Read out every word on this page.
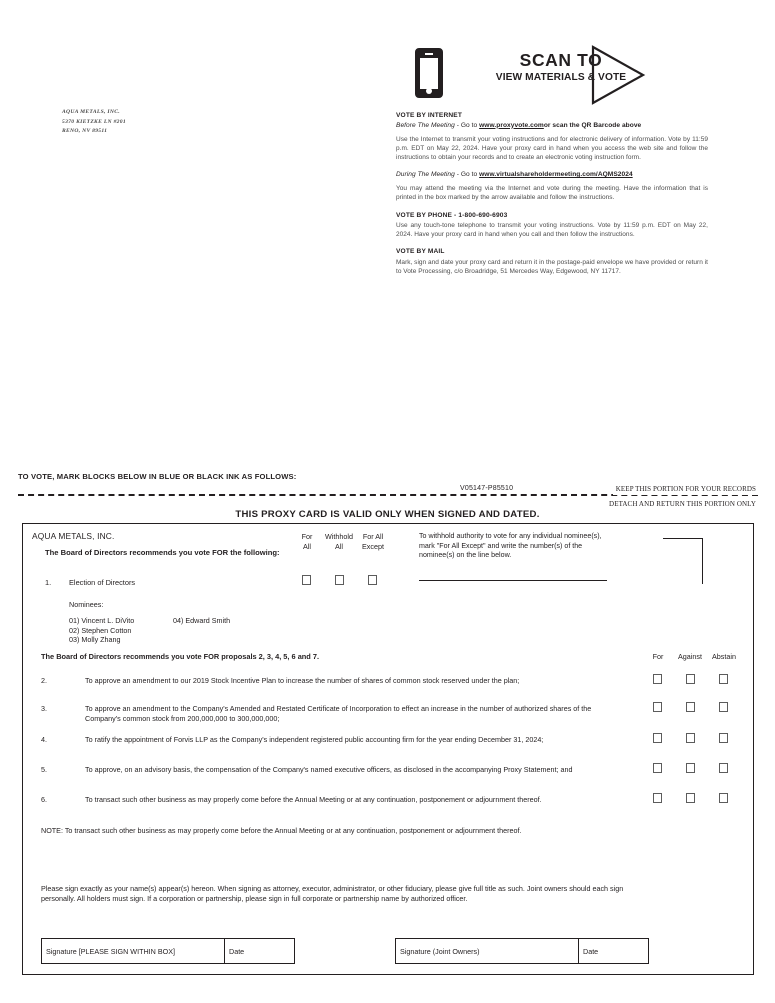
AQUA METALS, INC.
5370 KIETZKE LN #201
RENO, NV 89511
SCAN TO
VIEW MATERIALS & VOTE
VOTE BY INTERNET
Before The Meeting - Go to www.proxyvote.comor scan the QR Barcode above
Use the Internet to transmit your voting instructions and for electronic delivery of information. Vote by 11:59 p.m. EDT on May 22, 2024. Have your proxy card in hand when you access the web site and follow the instructions to obtain your records and to create an electronic voting instruction form.
During The Meeting - Go to www.virtualshareholdermeeting.com/AQMS2024
You may attend the meeting via the Internet and vote during the meeting. Have the information that is printed in the box marked by the arrow available and follow the instructions.
VOTE BY PHONE - 1-800-690-6903
Use any touch-tone telephone to transmit your voting instructions. Vote by 11:59 p.m. EDT on May 22, 2024. Have your proxy card in hand when you call and then follow the instructions.
VOTE BY MAIL
Mark, sign and date your proxy card and return it in the postage-paid envelope we have provided or return it to Vote Processing, c/o Broadridge, 51 Mercedes Way, Edgewood, NY 11717.
TO VOTE, MARK BLOCKS BELOW IN BLUE OR BLACK INK AS FOLLOWS:
V05147-P85510	KEEP THIS PORTION FOR YOUR RECORDS
DETACH AND RETURN THIS PORTION ONLY
THIS PROXY CARD IS VALID ONLY WHEN SIGNED AND DATED.
AQUA METALS, INC.
The Board of Directors recommends you vote FOR the following:
For
All
Withhold
All
For All
Except
1. Election of Directors
To withhold authority to vote for any individual nominee(s), mark "For All Except" and write the number(s) of the nominee(s) on the line below.
Nominees:
01) Vincent L. DiVito
02) Stephen Cotton
03) Molly Zhang
04) Edward Smith
The Board of Directors recommends you vote FOR proposals 2, 3, 4, 5, 6 and 7.	For	Against	Abstain
2.	To approve an amendment to our 2019 Stock Incentive Plan to increase the number of shares of common stock reserved under the plan;
3.	To approve an amendment to the Company's Amended and Restated Certificate of Incorporation to effect an increase in the number of authorized shares of the Company's common stock from 200,000,000 to 300,000,000;
4.	To ratify the appointment of Forvis LLP as the Company's independent registered public accounting firm for the year ending December 31, 2024;
5.	To approve, on an advisory basis, the compensation of the Company's named executive officers, as disclosed in the accompanying Proxy Statement; and
6.	To transact such other business as may properly come before the Annual Meeting or at any continuation, postponement or adjournment thereof.
NOTE: To transact such other business as may properly come before the Annual Meeting or at any continuation, postponement or adjournment thereof.
Please sign exactly as your name(s) appear(s) hereon. When signing as attorney, executor, administrator, or other fiduciary, please give full title as such. Joint owners should each sign personally. All holders must sign. If a corporation or partnership, please sign in full corporate or partnership name by authorized officer.
Signature [PLEASE SIGN WITHIN BOX]	Date	Signature (Joint Owners)	Date
